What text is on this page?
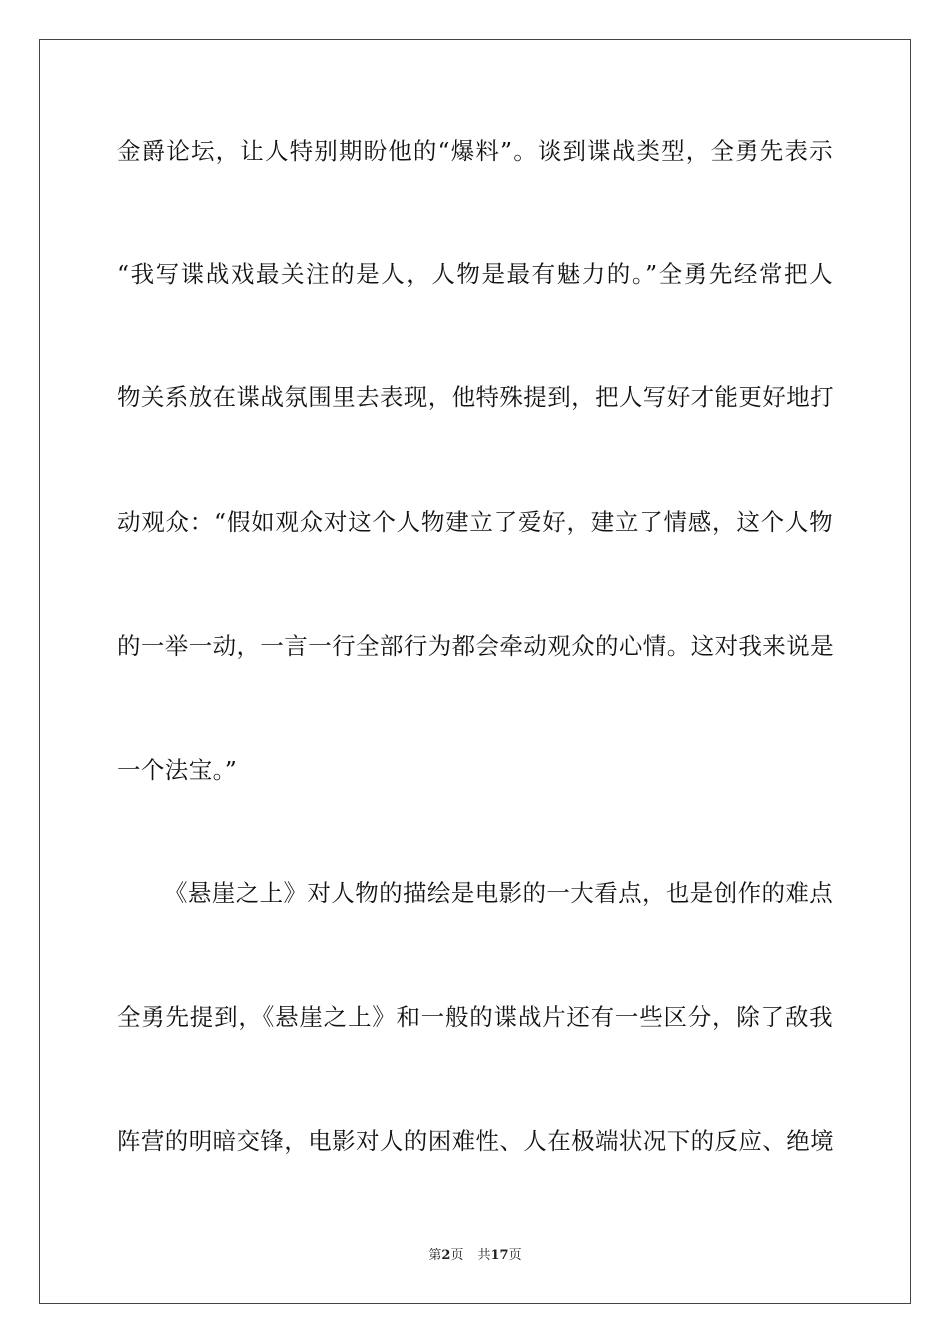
金爵论坛，让人特别期盼他的“爆料”。谈到谍战类型，全勇先表示
“我写谍战戏最关注的是人，人物是最有魅力的。”全勇先经常把人
物关系放在谍战氛围里去表现，他特殊提到，把人写好才能更好地打
动观众：“假如观众对这个人物建立了爱好，建立了情感，这个人物
的一举一动，一言一行全部行为都会牵动观众的心情。这对我来说是
一个法宝。”
《悬崖之上》对人物的描绘是电影的一大看点，也是创作的难点
全勇先提到，《悬崖之上》和一般的谍战片还有一些区分，除了敌我
阵营的明暗交锋，电影对人的困难性、人在极端状况下的反应、绝境
第2页 共17页
